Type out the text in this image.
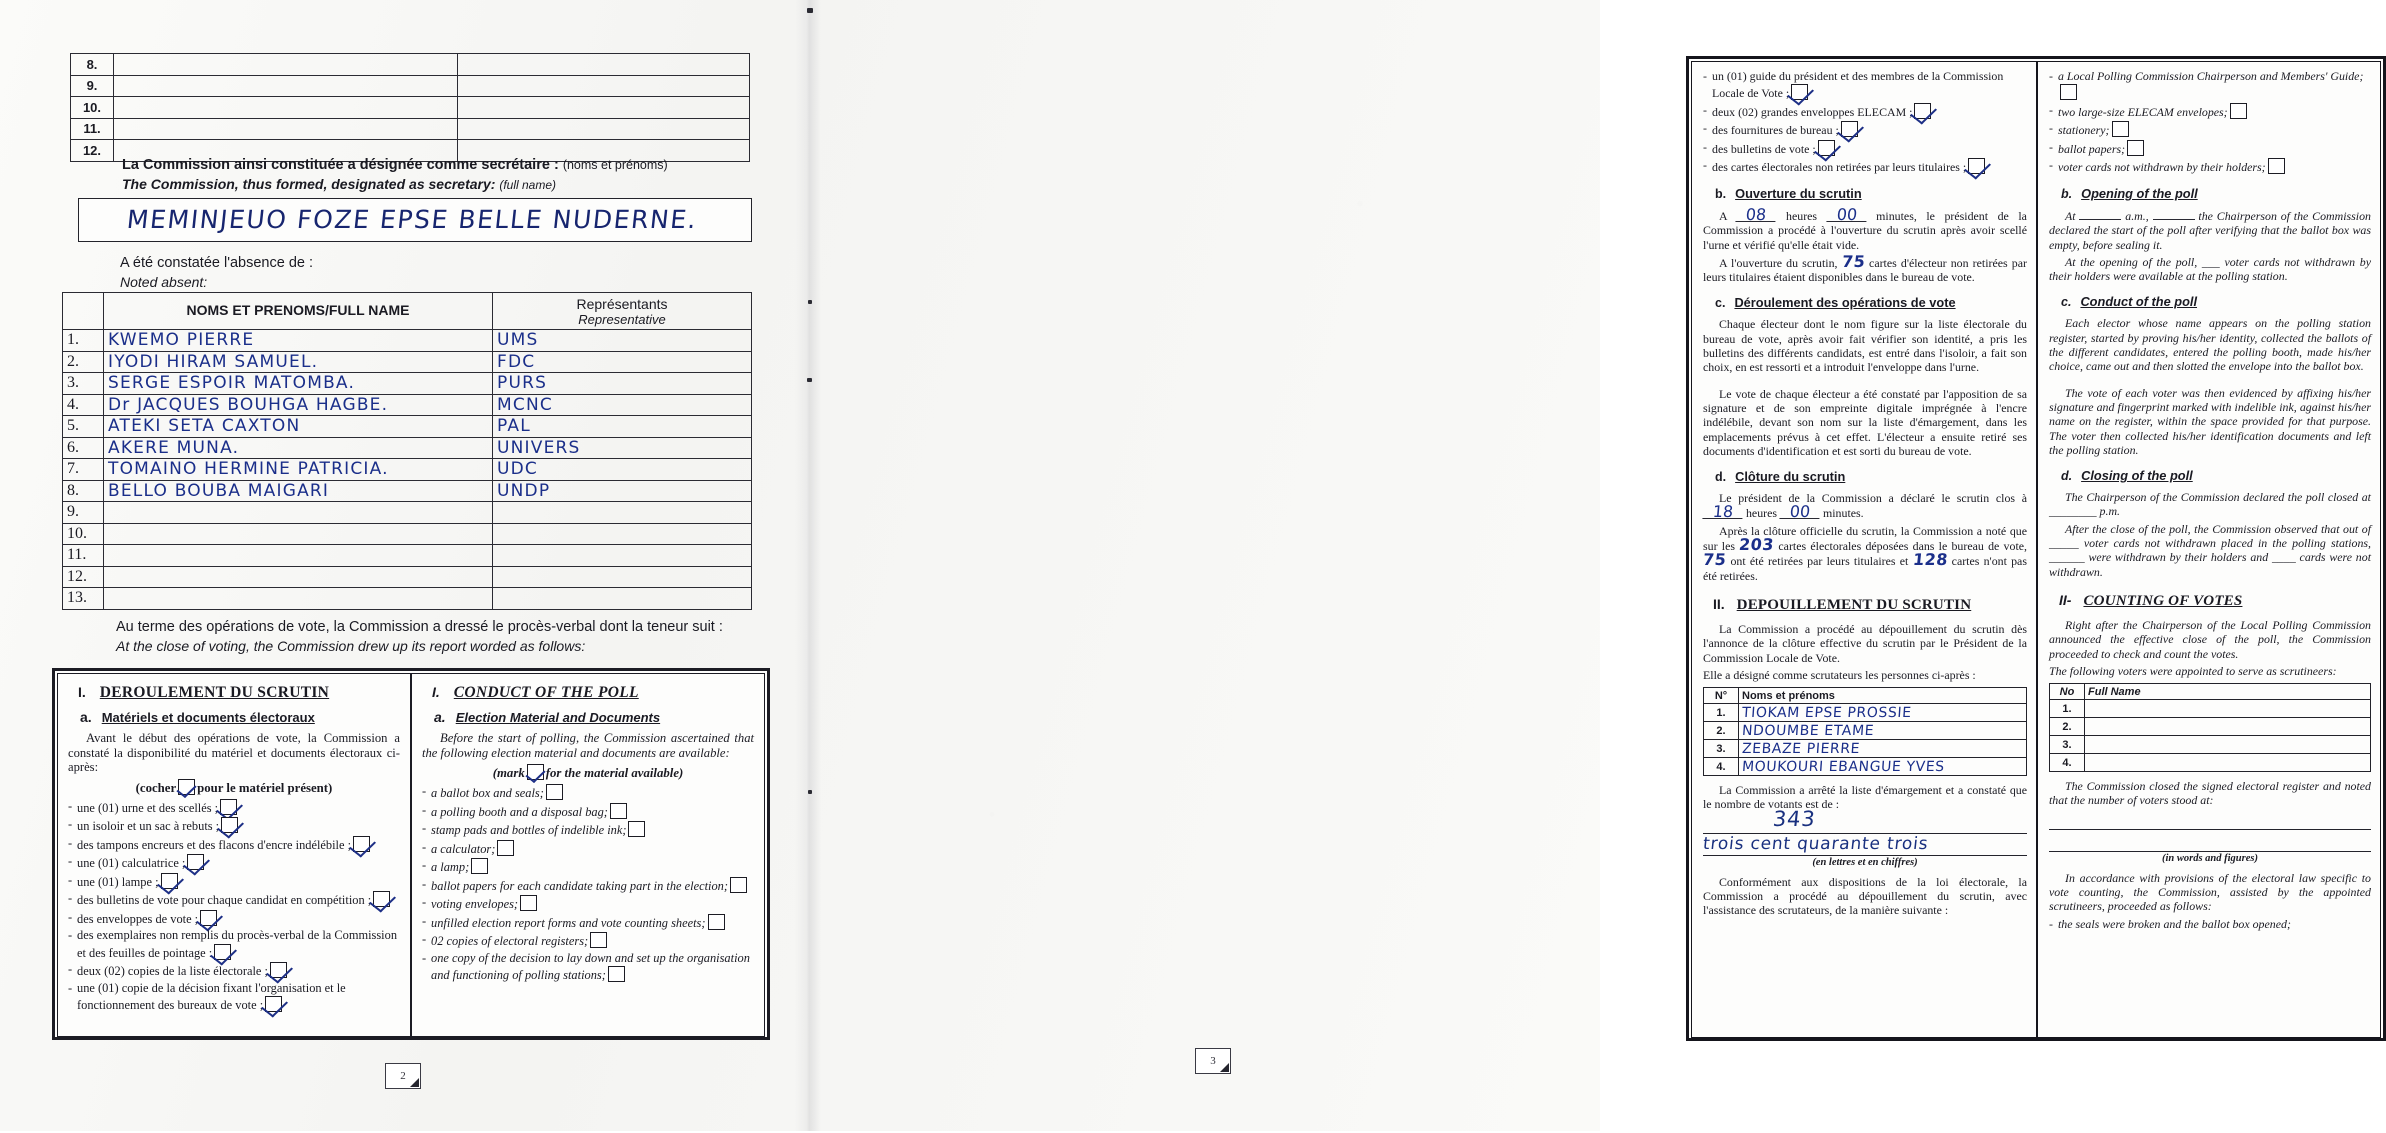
8.		
9.		
10.		
11.		
12.		
La Commission ainsi constituée a désignée comme secrétaire : (noms et prénoms)
The Commission, thus formed, designated as secretary: (full name)
MEMINJEUO FOZE EPSE BELLE NUDERNE.
A été constatée l'absence de :
Noted absent:
	NOMS ET PRENOMS/FULL NAME	Représentants
Representative

1.	KWEMO PIERRE	UMS
2.	IYODI HIRAM SAMUEL.	FDC
3.	SERGE ESPOIR MATOMBA.	PURS
4.	Dr JACQUES BOUHGA HAGBE.	MCNC
5.	ATEKI SETA CAXTON	PAL
6.	AKERE MUNA.	UNIVERS
7.	TOMAINO HERMINE PATRICIA.	UDC
8.	BELLO BOUBA MAIGARI	UNDP
9.		
10.		
11.		
12.		
13.		
Au terme des opérations de vote, la Commission a dressé le procès-verbal dont la teneur suit :
At the close of voting, the Commission drew up its report worded as follows:
I. DEROULEMENT DU SCRUTIN
a. Matériels et documents électoraux
Avant le début des opérations de vote, la Commission a constaté la disponibilité du matériel et documents électoraux ci-après:
(cocher pour le matériel présent)
- une (01) urne et des scellés ;
- un isoloir et un sac à rebuts ;
- des tampons encreurs et des flacons d'encre indélébile ;
- une (01) calculatrice ;
- une (01) lampe ;
- des bulletins de vote pour chaque candidat en compétition ;
- des enveloppes de vote ;
- des exemplaires non remplis du procès-verbal de la Commission et des feuilles de pointage :
- deux (02) copies de la liste électorale ;
- une (01) copie de la décision fixant l'organisation et le fonctionnement des bureaux de vote ;
I. CONDUCT OF THE POLL
a. Election Material and Documents
Before the start of polling, the Commission ascertained that the following election material and documents are available:
(mark for the material available)
- a ballot box and seals;
- a polling booth and a disposal bag;
- stamp pads and bottles of indelible ink;
- a calculator;
- a lamp;
- ballot papers for each candidate taking part in the election;
- voting envelopes;
- unfilled election report forms and vote counting sheets;
- 02 copies of electoral registers;
- one copy of the decision to lay down and set up the organisation and functioning of polling stations;
2
- un (01) guide du président et des membres de la Commission Locale de Vote ;
- deux (02) grandes enveloppes ELECAM ;
- des fournitures de bureau ;
- des bulletins de vote ;
- des cartes électorales non retirées par leurs titulaires ;
b. Ouverture du scrutin
A 08 heures 00 minutes, le président de la Commission a procédé à l'ouverture du scrutin après avoir scellé l'urne et vérifié qu'elle était vide.
A l'ouverture du scrutin, 75 cartes d'électeur non retirées par leurs titulaires étaient disponibles dans le bureau de vote.
c. Déroulement des opérations de vote
Chaque électeur dont le nom figure sur la liste électorale du bureau de vote, après avoir fait vérifier son identité, a pris les bulletins des différents candidats, est entré dans l'isoloir, a fait son choix, en est ressorti et a introduit l'enveloppe dans l'urne.
Le vote de chaque électeur a été constaté par l'apposition de sa signature et de son empreinte digitale imprégnée à l'encre indélébile, devant son nom sur la liste d'émargement, dans les emplacements prévus à cet effet. L'électeur a ensuite retiré ses documents d'identification et est sorti du bureau de vote.
d. Clôture du scrutin
Le président de la Commission a déclaré le scrutin clos à 18 heures 00 minutes.
Après la clôture officielle du scrutin, la Commission a noté que sur les 203 cartes électorales déposées dans le bureau de vote, 75 ont été retirées par leurs titulaires et 128 cartes n'ont pas été retirées.
II. DEPOUILLEMENT DU SCRUTIN
La Commission a procédé au dépouillement du scrutin dès l'annonce de la clôture effective du scrutin par le Président de la Commission Locale de Vote.
Elle a désigné comme scrutateurs les personnes ci-après :
N°	Noms et prénoms
1.	TIOKAM EPSE PROSSIE
2.	NDOUMBE ETAME
3.	ZEBAZE PIERRE
4.	MOUKOURI EBANGUE YVES
La Commission a arrêté la liste d'émargement et a constaté que le nombre de votants est de :
343
trois cent quarante trois
(en lettres et en chiffres)
Conformément aux dispositions de la loi électorale, la Commission a procédé au dépouillement du scrutin, avec l'assistance des scrutateurs, de la manière suivante :
- a Local Polling Commission Chairperson and Members' Guide;
- two large-size ELECAM envelopes;
- stationery;
- ballot papers;
- voter cards not withdrawn by their holders;
b. Opening of the poll
At	a.m.,	the Chairperson of the Commission declared the start of the poll after verifying that the ballot box was empty, before sealing it.
At the opening of the poll, ___ voter cards not withdrawn by their holders were available at the polling station.
c. Conduct of the poll
Each elector whose name appears on the polling station register, started by proving his/her identity, collected the ballots of the different candidates, entered the polling booth, made his/her choice, came out and then slotted the envelope into the ballot box.
The vote of each voter was then evidenced by affixing his/her signature and fingerprint marked with indelible ink, against his/her name on the register, within the space provided for that purpose. The voter then collected his/her identification documents and left the polling station.
d. Closing of the poll
The Chairperson of the Commission declared the poll closed at ________ p.m.
After the close of the poll, the Commission observed that out of _____ voter cards not withdrawn placed in the polling stations, ______ were withdrawn by their holders and ____ cards were not withdrawn.
II- COUNTING OF VOTES
Right after the Chairperson of the Local Polling Commission announced the effective close of the poll, the Commission proceeded to check and count the votes.
The following voters were appointed to serve as scrutineers:
No	Full Name
1.	
2.	
3.	
4.	
The Commission closed the signed electoral register and noted that the number of voters stood at:
(in words and figures)
In accordance with provisions of the electoral law specific to vote counting, the Commission, assisted by the appointed scrutineers, proceeded as follows:
- the seals were broken and the ballot box opened;
3
